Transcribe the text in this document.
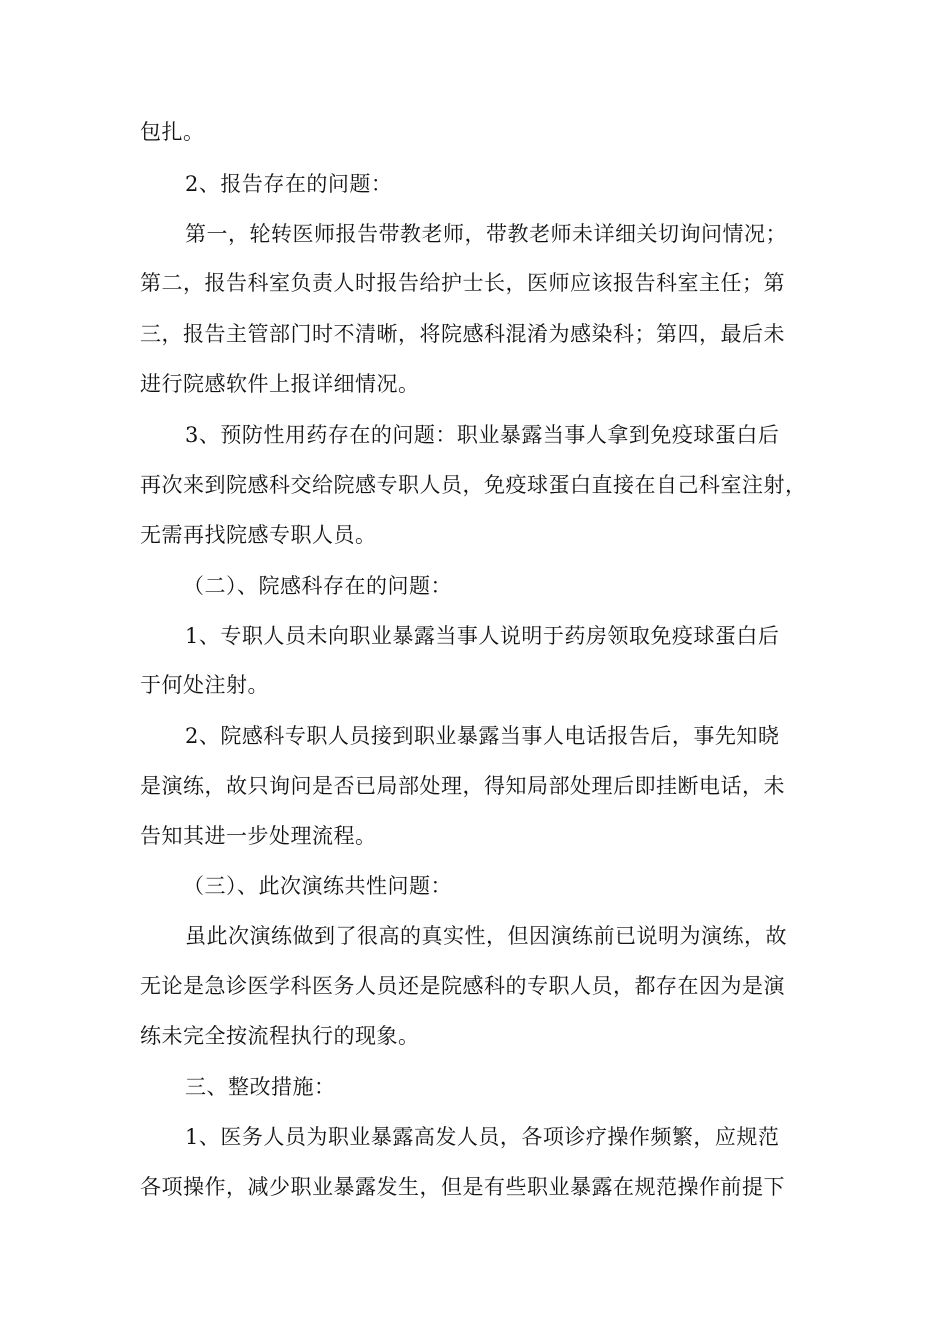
包扎。
2、报告存在的问题：
第一，轮转医师报告带教老师，带教老师未详细关切询问情况；
第二，报告科室负责人时报告给护士长，医师应该报告科室主任；第
三，报告主管部门时不清晰，将院感科混淆为感染科；第四，最后未
进行院感软件上报详细情况。
3、预防性用药存在的问题：职业暴露当事人拿到免疫球蛋白后
再次来到院感科交给院感专职人员，免疫球蛋白直接在自己科室注射，
无需再找院感专职人员。
（二）、院感科存在的问题：
1、专职人员未向职业暴露当事人说明于药房领取免疫球蛋白后
于何处注射。
2、院感科专职人员接到职业暴露当事人电话报告后，事先知晓
是演练，故只询问是否已局部处理，得知局部处理后即挂断电话，未
告知其进一步处理流程。
（三）、此次演练共性问题：
虽此次演练做到了很高的真实性，但因演练前已说明为演练，故
无论是急诊医学科医务人员还是院感科的专职人员，都存在因为是演
练未完全按流程执行的现象。
三、整改措施：
1、医务人员为职业暴露高发人员，各项诊疗操作频繁，应规范
各项操作，减少职业暴露发生，但是有些职业暴露在规范操作前提下
